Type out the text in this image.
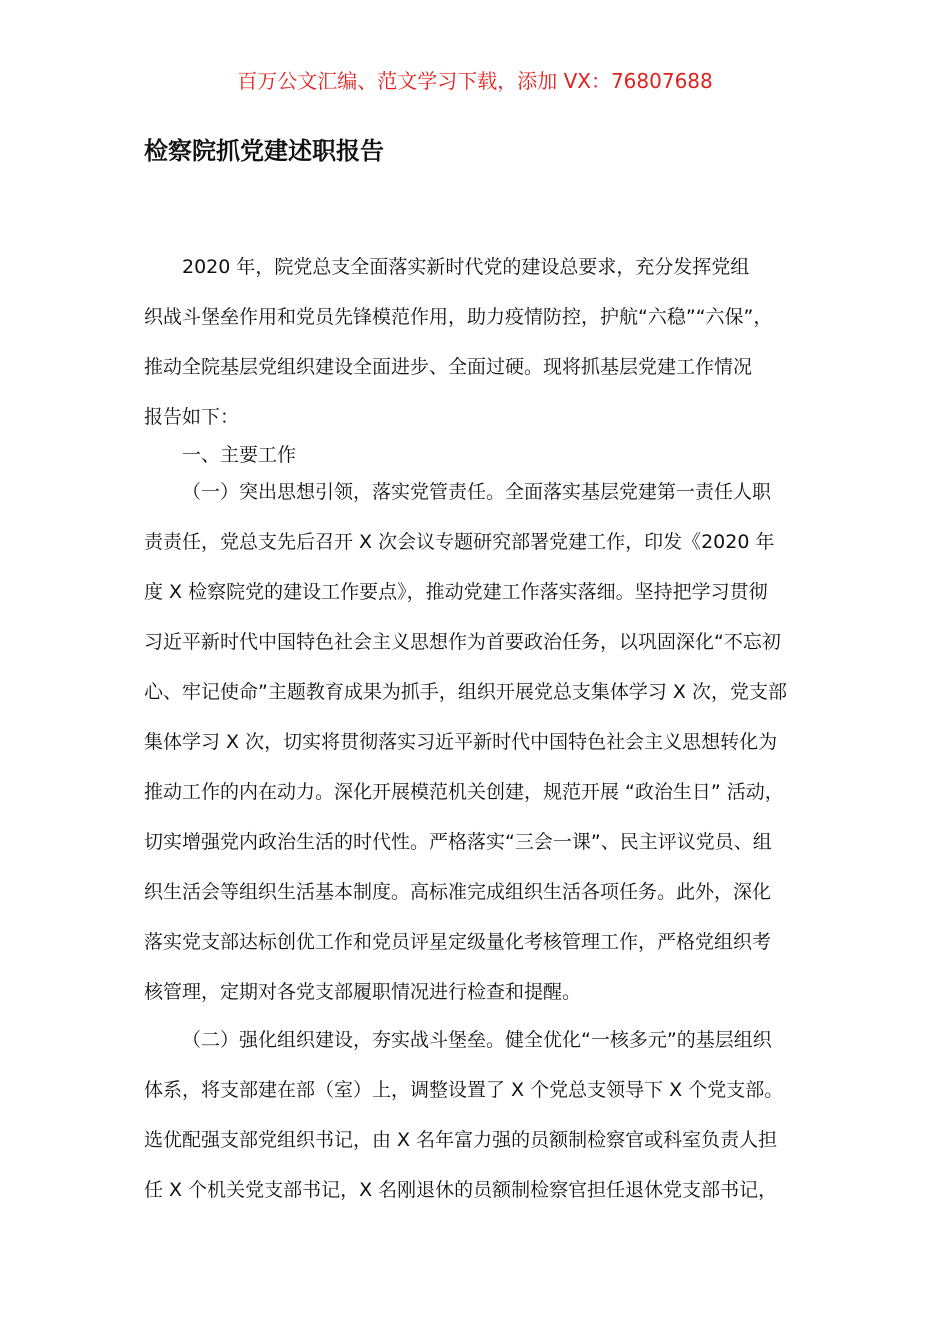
百万公文汇编、范文学习下载，添加 VX：76807688
检察院抓党建述职报告

2020 年，院党总支全面落实新时代党的建设总要求，充分发挥党组
织战斗堡垒作用和党员先锋模范作用，助力疫情防控，护航“六稳”“六保”，
推动全院基层党组织建设全面进步、全面过硬。现将抓基层党建工作情况
报告如下：

一、主要工作

（一）突出思想引领，落实党管责任。全面落实基层党建第一责任人职
责责任，党总支先后召开 X 次会议专题研究部署党建工作，印发《2020 年
度 X 检察院党的建设工作要点》，推动党建工作落实落细。坚持把学习贯彻
习近平新时代中国特色社会主义思想作为首要政治任务，以巩固深化“不忘初
心、牢记使命”主题教育成果为抓手，组织开展党总支集体学习 X 次，党支部
集体学习 X 次，切实将贯彻落实习近平新时代中国特色社会主义思想转化为
推动工作的内在动力。深化开展模范机关创建，规范开展 “政治生日” 活动，
切实增强党内政治生活的时代性。严格落实“三会一课”、民主评议党员、组
织生活会等组织生活基本制度。高标准完成组织生活各项任务。此外，深化
落实党支部达标创优工作和党员评星定级量化考核管理工作，严格党组织考
核管理，定期对各党支部履职情况进行检查和提醒。

（二）强化组织建设，夯实战斗堡垒。健全优化“一核多元”的基层组织
体系，将支部建在部（室）上，调整设置了 X 个党总支领导下 X 个党支部。
选优配强支部党组织书记，由 X 名年富力强的员额制检察官或科室负责人担
任 X 个机关党支部书记，X 名刚退休的员额制检察官担任退休党支部书记，
